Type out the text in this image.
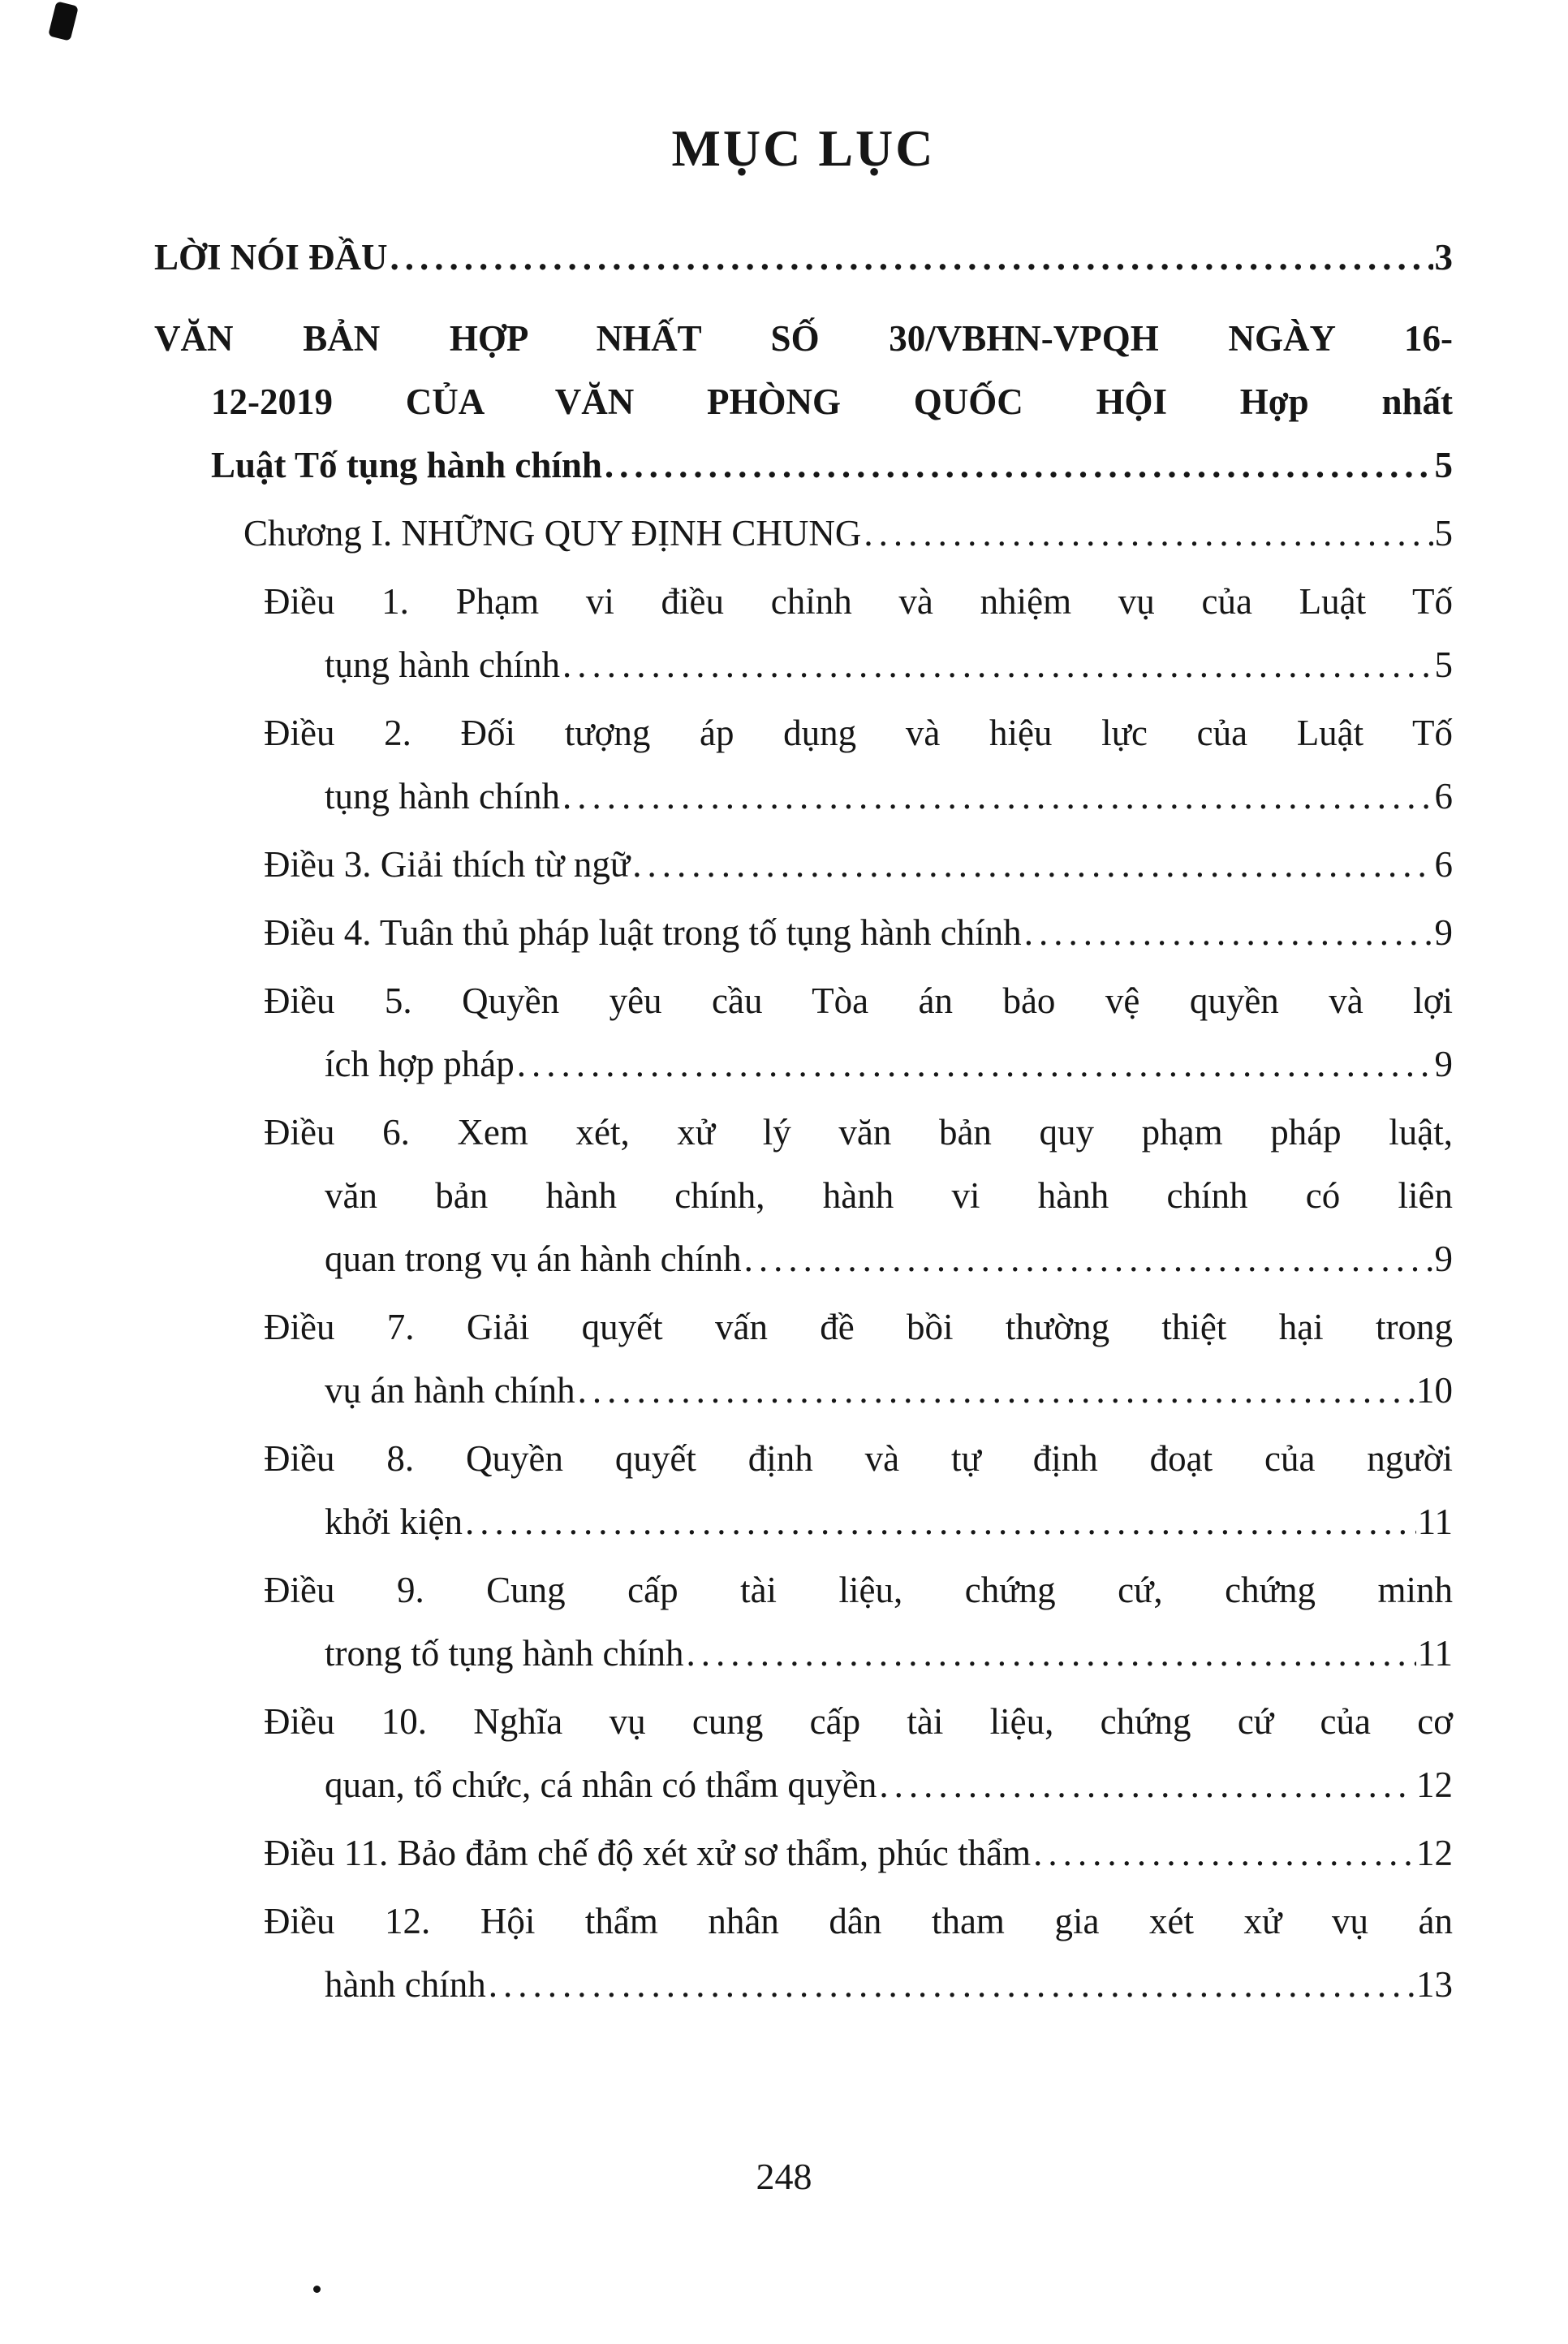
MỤC LỤC
LỜI NÓI ĐẦU .....	3
VĂN BẢN HỢP NHẤT SỐ 30/VBHN-VPQH NGÀY 16-
12-2019 CỦA VĂN PHÒNG QUỐC HỘI Hợp nhất
Luật Tố tụng hành chính .....	5
Chương I. NHỮNG QUY ĐỊNH CHUNG .....	5
Điều 1. Phạm vi điều chỉnh và nhiệm vụ của Luật Tố
tụng hành chính .....	5
Điều 2. Đối tượng áp dụng và hiệu lực của Luật Tố
tụng hành chính .....	6
Điều 3. Giải thích từ ngữ .....	6
Điều 4. Tuân thủ pháp luật trong tố tụng hành chính .....	9
Điều 5. Quyền yêu cầu Tòa án bảo vệ quyền và lợi
ích hợp pháp .....	9
Điều 6. Xem xét, xử lý văn bản quy phạm pháp luật,
văn bản hành chính, hành vi hành chính có liên
quan trong vụ án hành chính .....	9
Điều 7. Giải quyết vấn đề bồi thường thiệt hại trong
vụ án hành chính .....	10
Điều 8. Quyền quyết định và tự định đoạt của người
khởi kiện .....	11
Điều 9. Cung cấp tài liệu, chứng cứ, chứng minh
trong tố tụng hành chính .....	11
Điều 10. Nghĩa vụ cung cấp tài liệu, chứng cứ của cơ
quan, tổ chức, cá nhân có thẩm quyền .....	12
Điều 11. Bảo đảm chế độ xét xử sơ thẩm, phúc thẩm .....	12
Điều 12. Hội thẩm nhân dân tham gia xét xử vụ án
hành chính .....	13
248
